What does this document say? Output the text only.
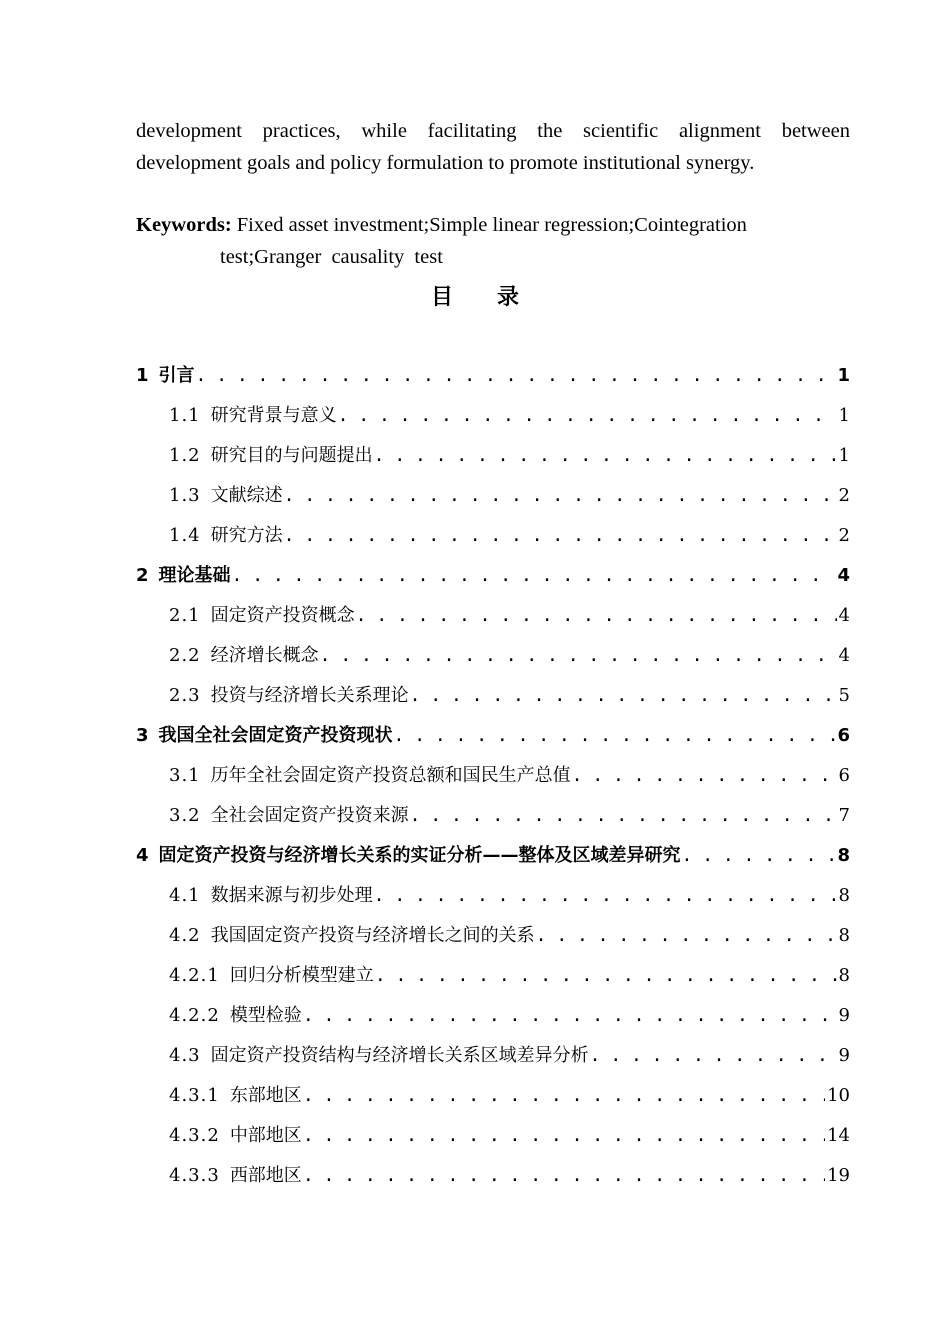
development practices, while facilitating the scientific alignment between
development goals and policy formulation to promote institutional synergy.
Keywords: Fixed asset investment;Simple linear regression;Cointegration
test;Granger causality test
目录
1 引言 . . .	1
1.1 研究背景与意义 . . .	1
1.2 研究目的与问题提出 . . .	1
1.3 文献综述 . . .	2
1.4 研究方法 . . .	2
2 理论基础 . . .	4
2.1 固定资产投资概念 . . .	4
2.2 经济增长概念 . . .	4
2.3 投资与经济增长关系理论 . . .	5
3 我国全社会固定资产投资现状 . . .	6
3.1 历年全社会固定资产投资总额和国民生产总值 . . .	6
3.2 全社会固定资产投资来源 . . .	7
4 固定资产投资与经济增长关系的实证分析——整体及区域差异研究 . . .	8
4.1 数据来源与初步处理 . . .	8
4.2 我国固定资产投资与经济增长之间的关系 . . .	8
4.2.1 回归分析模型建立 . . .	8
4.2.2 模型检验 . . .	9
4.3 固定资产投资结构与经济增长关系区域差异分析 . . .	9
4.3.1 东部地区 . . .	10
4.3.2 中部地区 . . .	14
4.3.3 西部地区 . . .	19
